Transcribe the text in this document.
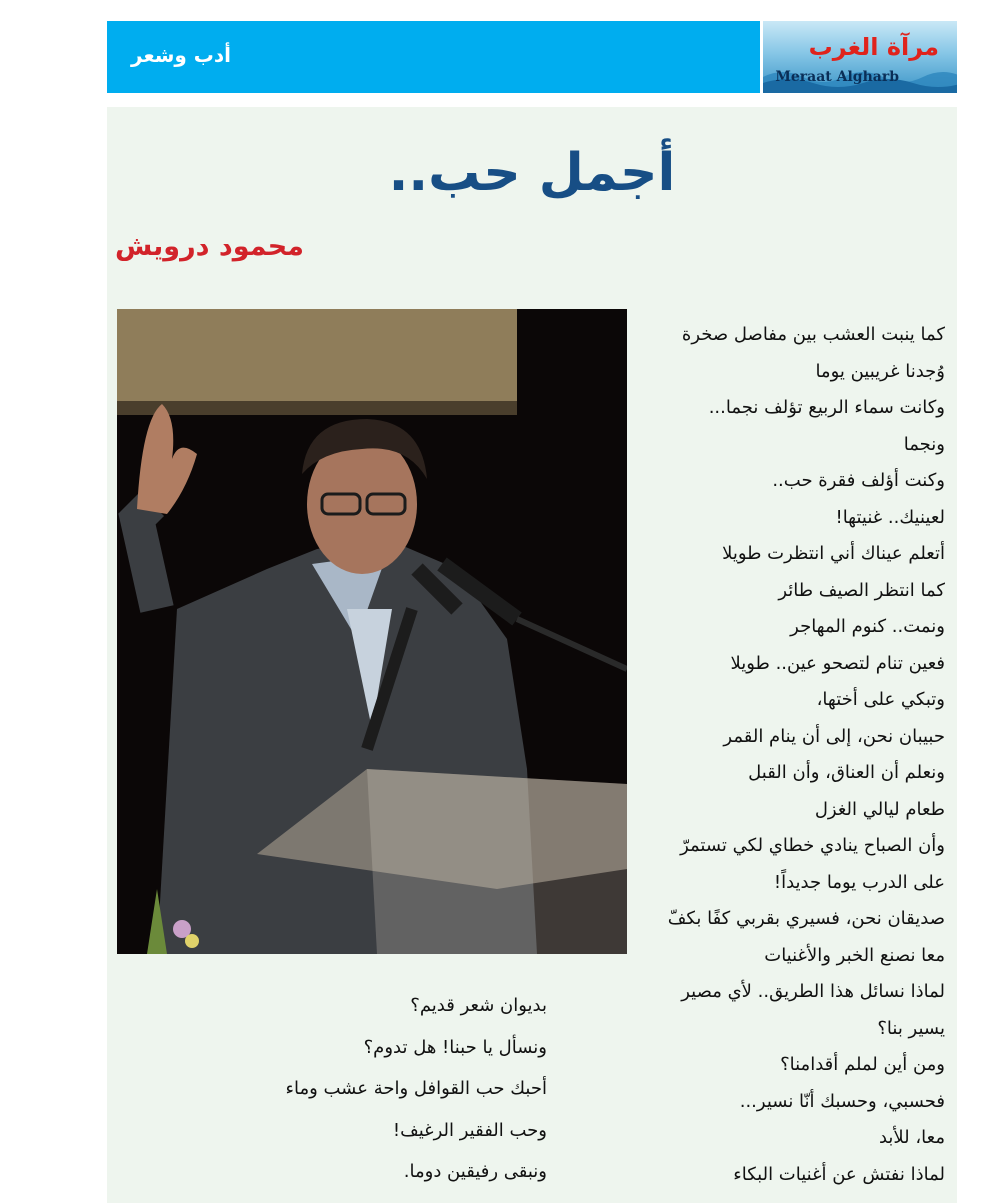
أدب وشعر	مرآة الغرب
Meraat Algharb
أجمل حب..
محمود درويش
كما ينبت العشب بين مفاصل صخرة
وُجدنا غريبين يوما
وكانت سماء الربيع تؤلف نجما...
ونجما
وكنت أؤلف فقرة حب..
لعينيك.. غنيتها!
أتعلم عيناك أني انتظرت طويلا
كما انتظر الصيف طائر
ونمت.. كنوم المهاجر
فعين تنام لتصحو عين.. طويلا
وتبكي على أختها،
حبيبان نحن، إلى أن ينام القمر
ونعلم أن العناق، وأن القبل
طعام ليالي الغزل
وأن الصباح ينادي خطاي لكي تستمرّ
على الدرب يوما جديداً!
صديقان نحن، فسيري بقربي كفًا بكفّ
معا نصنع الخبر والأغنيات
لماذا نسائل هذا الطريق.. لأي مصير
يسير بنا؟
ومن أين لملم أقدامنا؟
فحسبي، وحسبك أنّا نسير...
معا، للأبد
لماذا نفتش عن أغنيات البكاء
بديوان شعر قديم؟
ونسأل يا حبنا! هل تدوم؟
أحبك حب القوافل واحة عشب وماء
وحب الفقير الرغيف!
ونبقى رفيقين دوما.
